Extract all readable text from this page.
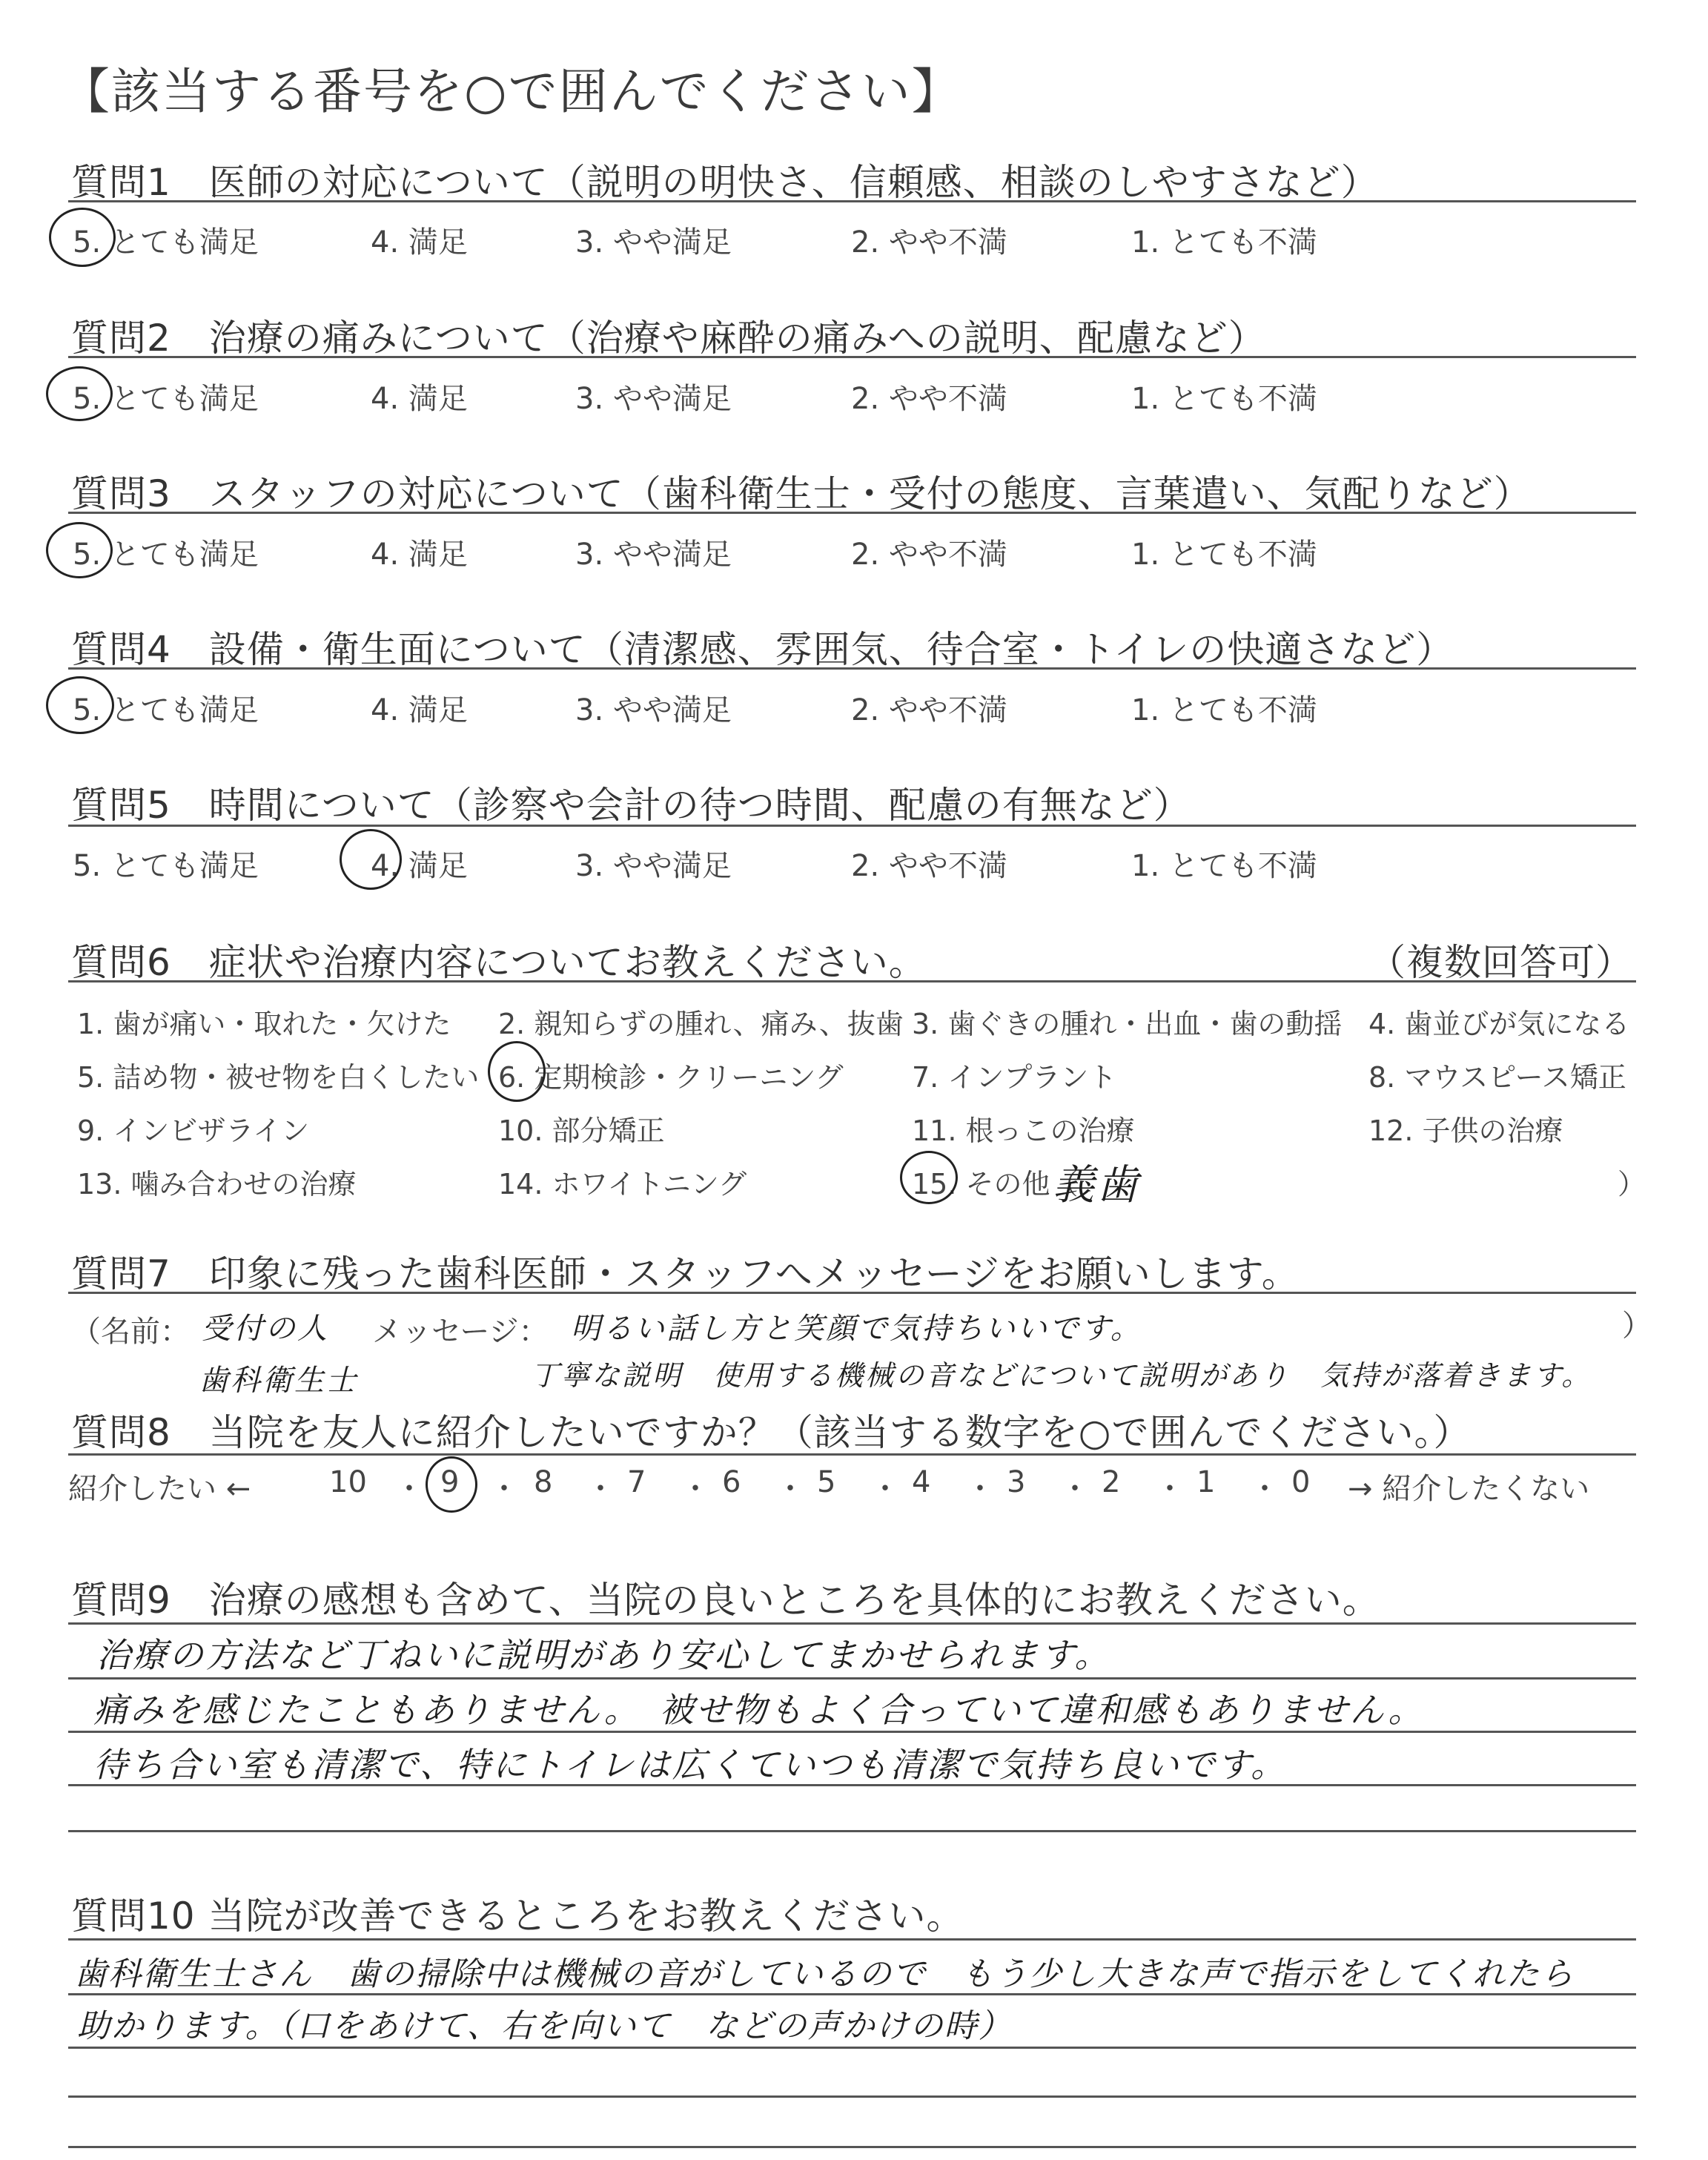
【該当する番号を○で囲んでください】
質問1　医師の対応について（説明の明快さ、信頼感、相談のしやすさなど）
5. とても満足	4. 満足	3. やや満足	2. やや不満	1. とても不満
質問2　治療の痛みについて（治療や麻酔の痛みへの説明、配慮など）
5. とても満足	4. 満足	3. やや満足	2. やや不満	1. とても不満
質問3　スタッフの対応について（歯科衛生士・受付の態度、言葉遣い、気配りなど）
5. とても満足	4. 満足	3. やや満足	2. やや不満	1. とても不満
質問4　設備・衛生面について（清潔感、雰囲気、待合室・トイレの快適さなど）
5. とても満足	4. 満足	3. やや満足	2. やや不満	1. とても不満
質問5　時間について（診察や会計の待つ時間、配慮の有無など）
5. とても満足	4. 満足	3. やや満足	2. やや不満	1. とても不満
質問6　症状や治療内容についてお教えください。	（複数回答可）
1. 歯が痛い・取れた・欠けた 2. 親知らずの腫れ、痛み、抜歯 3. 歯ぐきの腫れ・出血・歯の動揺 4. 歯並びが気になる
5. 詰め物・被せ物を白くしたい 6. 定期検診・クリーニング 7. インプラント	8. マウスピース矯正
9. インビザライン	10. 部分矯正	11. 根っこの治療	12. 子供の治療
13. 噛み合わせの治療	14. ホワイトニング	15. その他（
義歯	）
質問7　印象に残った歯科医師・スタッフへメッセージをお願いします。
（名前：	メッセージ：	）
受付の人	明るい話し方と笑顔で気持ちいいです。
歯科衛生士	丁寧な説明　使用する機械の音などについて説明があり　気持が落着きます。
質問8　当院を友人に紹介したいですか？（該当する数字を○で囲んでください。）
紹介したい ←	10 ・ 9 ・ 8 ・ 7 ・ 6 ・ 5 ・ 4 ・ 3 ・ 2 ・ 1 ・ 0 → 紹介したくない
質問9　治療の感想も含めて、当院の良いところを具体的にお教えください。
治療の方法など丁ねいに説明があり安心してまかせられます。
痛みを感じたこともありません。　被せ物もよく合っていて違和感もありません。
待ち合い室も清潔で、特にトイレは広くていつも清潔で気持ち良いです。
質問10 当院が改善できるところをお教えください。
歯科衛生士さん　歯の掃除中は機械の音がしているので　もう少し大きな声で指示をしてくれたら
助かります。（口をあけて、右を向いて　などの声かけの時）
